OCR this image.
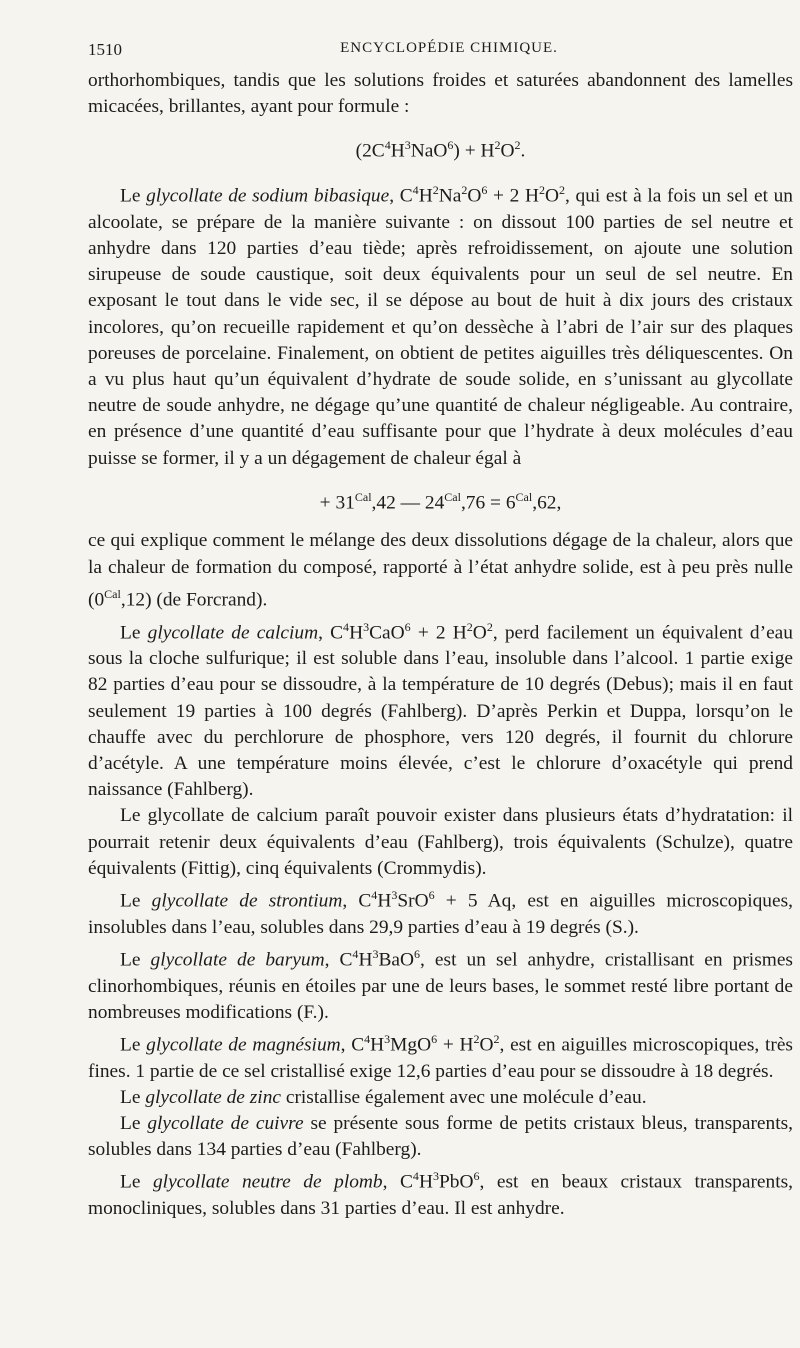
1510	ENCYCLOPÉDIE CHIMIQUE.

orthorhombiques, tandis que les solutions froides et saturées abandonnent des lamelles micacées, brillantes, ayant pour formule :

$(2C^4H^3NaO^6) + H^2O^2$.

Le glycollate de sodium bibasique, $C^4H^2Na^2O^6 + 2$ $H^2O^2$, qui est à la fois un sel et un alcoolate, se prépare de la manière suivante : on dissout 100 parties de sel neutre et anhydre dans 120 parties d’eau tiède; après refroidissement, on ajoute une solution sirupeuse de soude caustique, soit deux équivalents pour un seul de sel neutre. En exposant le tout dans le vide sec, il se dépose au bout de huit à dix jours des cristaux incolores, qu’on recueille rapidement et qu’on dessèche à l’abri de l’air sur des plaques poreuses de porcelaine. Finalement, on obtient de petites aiguilles très déliquescentes. On a vu plus haut qu’un équivalent d’hydrate de soude solide, en s’unissant au glycollate neutre de soude anhydre, ne dégage qu’une quantité de chaleur négligeable. Au contraire, en présence d’une quantité d’eau suffisante pour que l’hydrate à deux molécules d’eau puisse se former, il y a un dégagement de chaleur égal à

+ $31^{Cal},42$ — $24^{Cal},76 = 6^{Cal},62$,

ce qui explique comment le mélange des deux dissolutions dégage de la chaleur, alors que la chaleur de formation du composé, rapporté à l’état anhydre solide, est à peu près nulle $(0^{Cal},12)$ (de Forcrand).

Le glycollate de calcium, $C^4H^3CaO^6 + 2$ $H^2O^2$, perd facilement un équivalent d’eau sous la cloche sulfurique; il est soluble dans l’eau, insoluble dans l’alcool. 1 partie exige 82 parties d’eau pour se dissoudre, à la température de 10 degrés (Debus); mais il en faut seulement 19 parties à 100 degrés (Fahlberg). D’après Perkin et Duppa, lorsqu’on le chauffe avec du perchlorure de phosphore, vers 120 degrés, il fournit du chlorure d’acétyle. A une température moins élevée, c’est le chlorure d’oxacétyle qui prend naissance (Fahlberg).

Le glycollate de calcium paraît pouvoir exister dans plusieurs états d’hydratation: il pourrait retenir deux équivalents d’eau (Fahlberg), trois équivalents (Schulze), quatre équivalents (Fittig), cinq équivalents (Crommydis).

Le glycollate de strontium, $C^4H^3SrO^6 + 5$ Aq, est en aiguilles microscopiques, insolubles dans l’eau, solubles dans 29,9 parties d’eau à 19 degrés (S.).

Le glycollate de baryum, $C^4H^3BaO^6$, est un sel anhydre, cristallisant en prismes clinorhombiques, réunis en étoiles par une de leurs bases, le sommet resté libre portant de nombreuses modifications (F.).

Le glycollate de magnésium, $C^4H^3MgO^6 + H^2O^2$, est en aiguilles microscopiques, très fines. 1 partie de ce sel cristallisé exige 12,6 parties d’eau pour se dissoudre à 18 degrés.

Le glycollate de zinc cristallise également avec une molécule d’eau.

Le glycollate de cuivre se présente sous forme de petits cristaux bleus, transparents, solubles dans 134 parties d’eau (Fahlberg).

Le glycollate neutre de plomb, $C^4H^3PbO^6$, est en beaux cristaux transparents, monocliniques, solubles dans 31 parties d’eau. Il est anhydre.
